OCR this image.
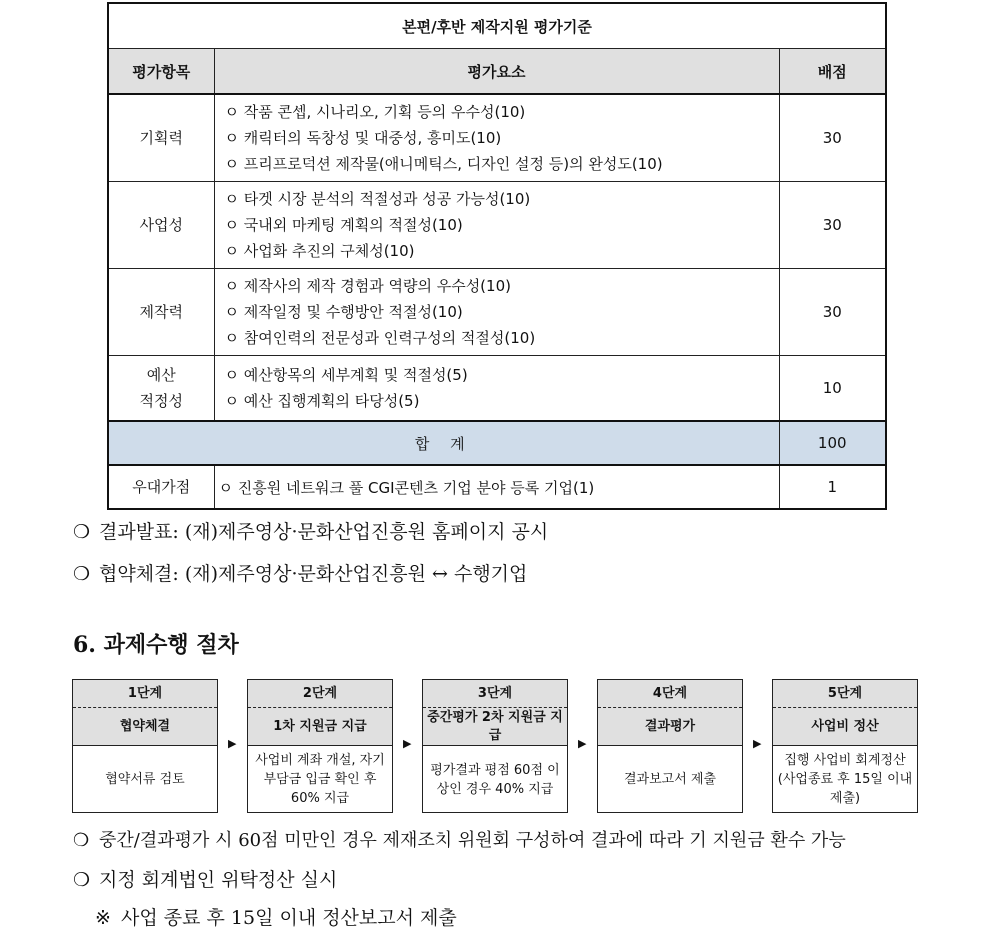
본편/후반 제작지원 평가기준		
평가항목	평가요소	배점
기획력	ㅇ 작품 콘셉, 시나리오, 기획 등의 우수성(10)
ㅇ 캐릭터의 독창성 및 대중성, 흥미도(10)
ㅇ 프리프로덕션 제작물(애니메틱스, 디자인 설정 등)의 완성도(10)	30
사업성	ㅇ 타겟 시장 분석의 적절성과 성공 가능성(10)
ㅇ 국내외 마케팅 계획의 적절성(10)
ㅇ 사업화 추진의 구체성(10)	30
제작력	ㅇ 제작사의 제작 경험과 역량의 우수성(10)
ㅇ 제작일정 및 수행방안 적절성(10)
ㅇ 참여인력의 전문성과 인력구성의 적절성(10)	30

예산
적정성	ㅇ 예산항목의 세부계획 및 적절성(5)
ㅇ 예산 집행계획의 타당성(5)	10
합 계		100
우대가점	ㅇ 진흥원 네트워크 풀 CGI콘텐츠 기업 분야 등록 기업(1)	1
❍ 결과발표: (재)제주영상·문화산업진흥원 홈페이지 공시
❍ 협약체결: (재)제주영상·문화산업진흥원 ↔ 수행기업
6. 과제수행 절차
1단계
협약체결
협약서류 검토
▶
2단계
1차 지원금 지급
사업비 계좌 개설, 자기부담금 입금 확인 후 60% 지급
▶
3단계
중간평가 2차 지원금 지급
평가결과 평점 60점 이상인 경우 40% 지급
▶
4단계
결과평가
결과보고서 제출
▶
5단계
사업비 정산
집행 사업비 회계정산 (사업종료 후 15일 이내 제출)
❍ 중간/결과평가 시 60점 미만인 경우 제재조치 위원회 구성하여 결과에 따라 기 지원금 환수 가능
❍ 지정 회계법인 위탁정산 실시
※ 사업 종료 후 15일 이내 정산보고서 제출
